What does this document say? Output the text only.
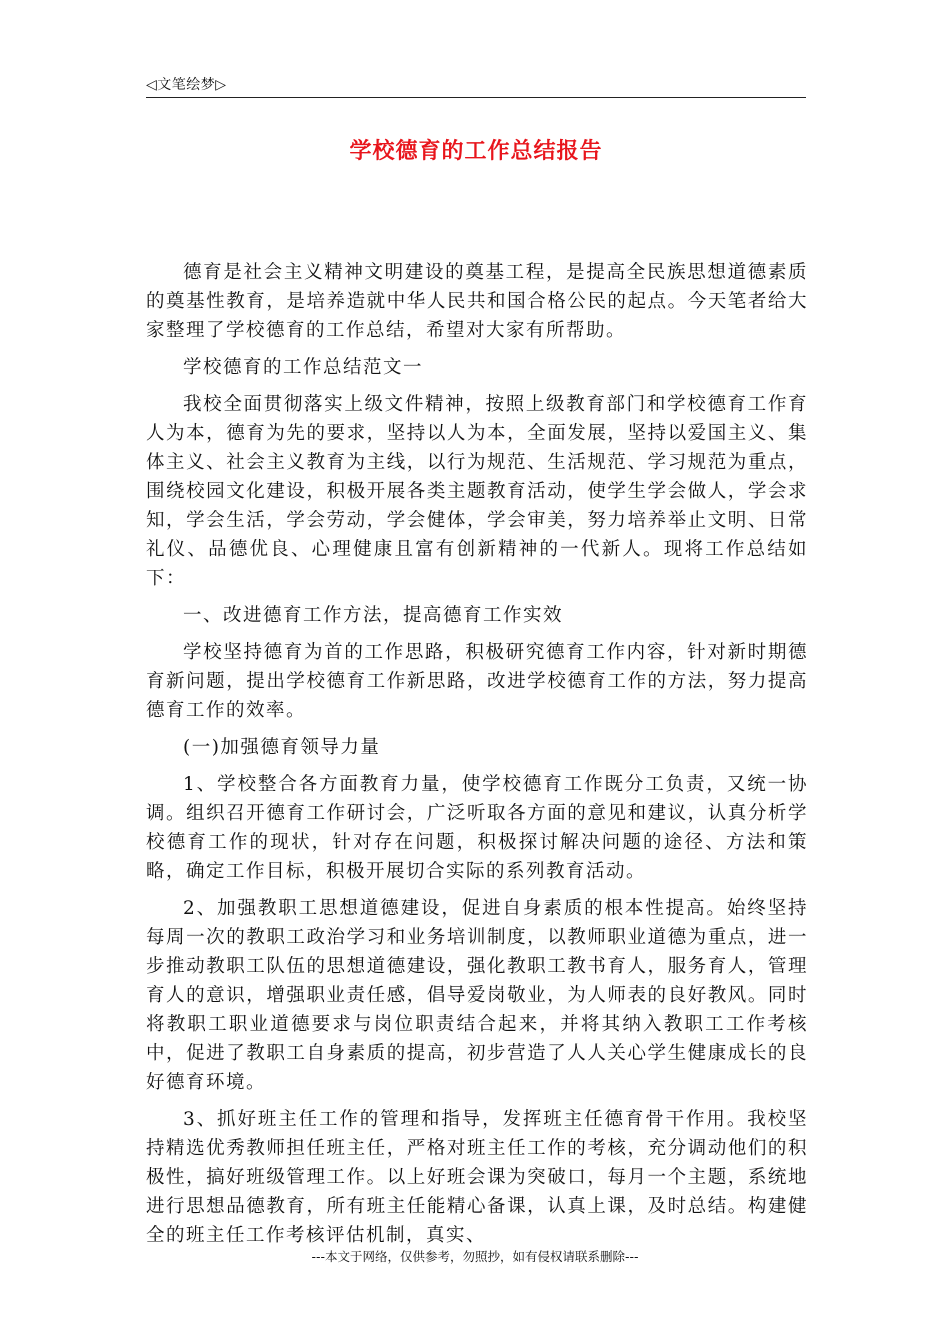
◁文笔绘梦▷
学校德育的工作总结报告

德育是社会主义精神文明建设的奠基工程，是提高全民族思想道德素质的奠基性教育，是培养造就中华人民共和国合格公民的起点。今天笔者给大家整理了学校德育的工作总结，希望对大家有所帮助。

学校德育的工作总结范文一

我校全面贯彻落实上级文件精神，按照上级教育部门和学校德育工作育人为本，德育为先的要求，坚持以人为本，全面发展，坚持以爱国主义、集体主义、社会主义教育为主线，以行为规范、生活规范、学习规范为重点，围绕校园文化建设，积极开展各类主题教育活动，使学生学会做人，学会求知，学会生活，学会劳动，学会健体，学会审美，努力培养举止文明、日常礼仪、品德优良、心理健康且富有创新精神的一代新人。现将工作总结如下：

一、改进德育工作方法，提高德育工作实效

学校坚持德育为首的工作思路，积极研究德育工作内容，针对新时期德育新问题，提出学校德育工作新思路，改进学校德育工作的方法，努力提高德育工作的效率。

(一)加强德育领导力量

1、学校整合各方面教育力量，使学校德育工作既分工负责，又统一协调。组织召开德育工作研讨会，广泛听取各方面的意见和建议，认真分析学校德育工作的现状，针对存在问题，积极探讨解决问题的途径、方法和策略，确定工作目标，积极开展切合实际的系列教育活动。

2、加强教职工思想道德建设，促进自身素质的根本性提高。始终坚持每周一次的教职工政治学习和业务培训制度，以教师职业道德为重点，进一步推动教职工队伍的思想道德建设，强化教职工教书育人，服务育人，管理育人的意识，增强职业责任感，倡导爱岗敬业，为人师表的良好教风。同时将教职工职业道德要求与岗位职责结合起来，并将其纳入教职工工作考核中，促进了教职工自身素质的提高，初步营造了人人关心学生健康成长的良好德育环境。

3、抓好班主任工作的管理和指导，发挥班主任德育骨干作用。我校坚持精选优秀教师担任班主任，严格对班主任工作的考核，充分调动他们的积极性，搞好班级管理工作。以上好班会课为突破口，每月一个主题，系统地进行思想品德教育，所有班主任能精心备课，认真上课，及时总结。构建健全的班主任工作考核评估机制，真实、

---本文于网络，仅供参考，勿照抄，如有侵权请联系删除---
